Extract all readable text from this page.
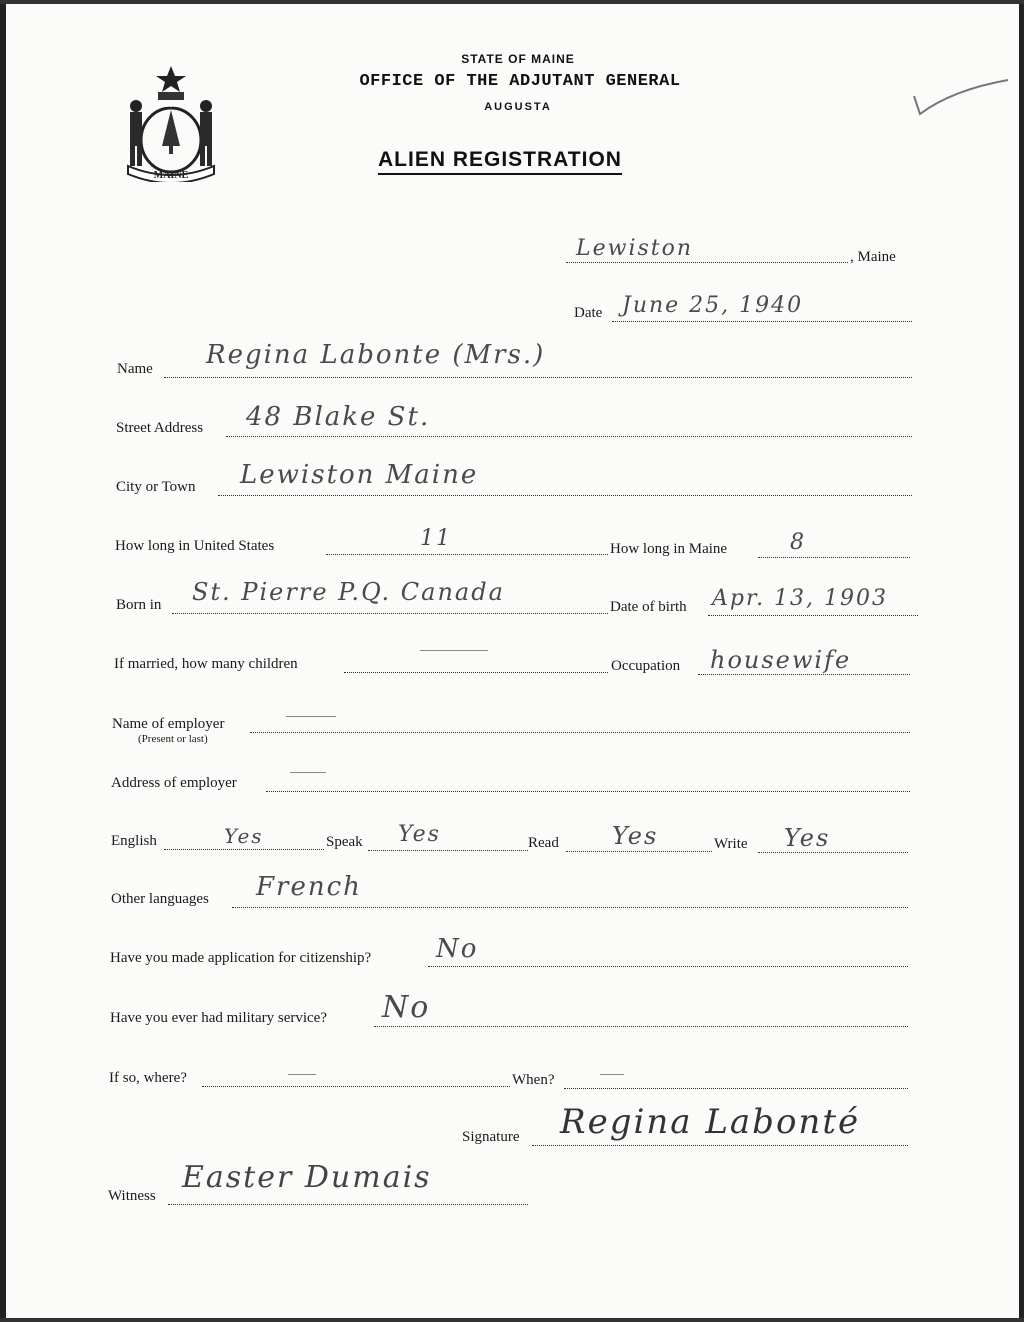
MAINE
DIRIGO
STATE OF MAINE
OFFICE OF THE ADJUTANT GENERAL
AUGUSTA
ALIEN REGISTRATION
Lewiston	, Maine
Date June 25, 1940
Name Regina Labonte (Mrs.)
Street Address 48 Blake St.
City or Town Lewiston Maine
How long in United States	11	How long in Maine	8
Born in St. Pierre P.Q. Canada
Date of birth Apr. 13, 1903
If married, how many children	Occupation housewife
Name of employer
(Present or last)
Address of employer
English	Yes	Speak Yes	Read Yes	Write Yes
Other languages French
Have you made application for citizenship? No
Have you ever had military service? No
If so, where?	When?
Signature Regina Labonté
Witness
Easter Dumais
